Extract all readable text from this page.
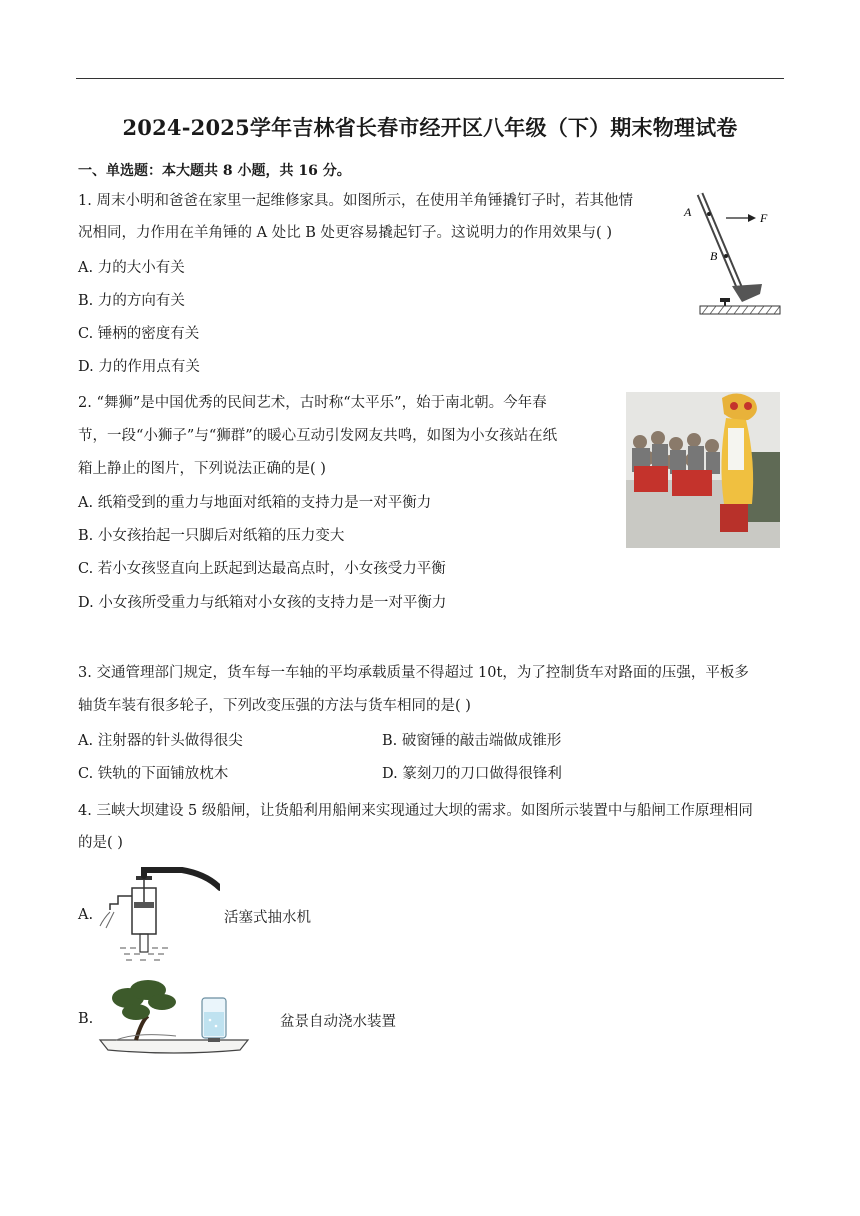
2024-2025学年吉林省长春市经开区八年级（下）期末物理试卷
一、单选题：本大题共 8 小题，共 16 分。
1. 周末小明和爸爸在家里一起维修家具。如图所示，在使用羊角锤撬钉子时，若其他情
况相同，力作用在羊角锤的 A 处比 B 处更容易撬起钉子。这说明力的作用效果与( )
A. 力的大小有关
B. 力的方向有关
C. 锤柄的密度有关
D. 力的作用点有关
A
B
F
2. “舞狮”是中国优秀的民间艺术，古时称“太平乐”，始于南北朝。今年春
节，一段“小狮子”与“狮群”的暖心互动引发网友共鸣，如图为小女孩站在纸
箱上静止的图片，下列说法正确的是( )
A. 纸箱受到的重力与地面对纸箱的支持力是一对平衡力
B. 小女孩抬起一只脚后对纸箱的压力变大
C. 若小女孩竖直向上跃起到达最高点时，小女孩受力平衡
D. 小女孩所受重力与纸箱对小女孩的支持力是一对平衡力
3. 交通管理部门规定，货车每一车轴的平均承载质量不得超过 10t，为了控制货车对路面的压强，平板多
轴货车装有很多轮子，下列改变压强的方法与货车相同的是( )
A. 注射器的针头做得很尖	B. 破窗锤的敲击端做成锥形
C. 铁轨的下面铺放枕木	D. 篆刻刀的刀口做得很锋利
4. 三峡大坝建设 5 级船闸，让货船利用船闸来实现通过大坝的需求。如图所示装置中与船闸工作原理相同
的是( )
A.	活塞式抽水机
B.	盆景自动浇水装置
